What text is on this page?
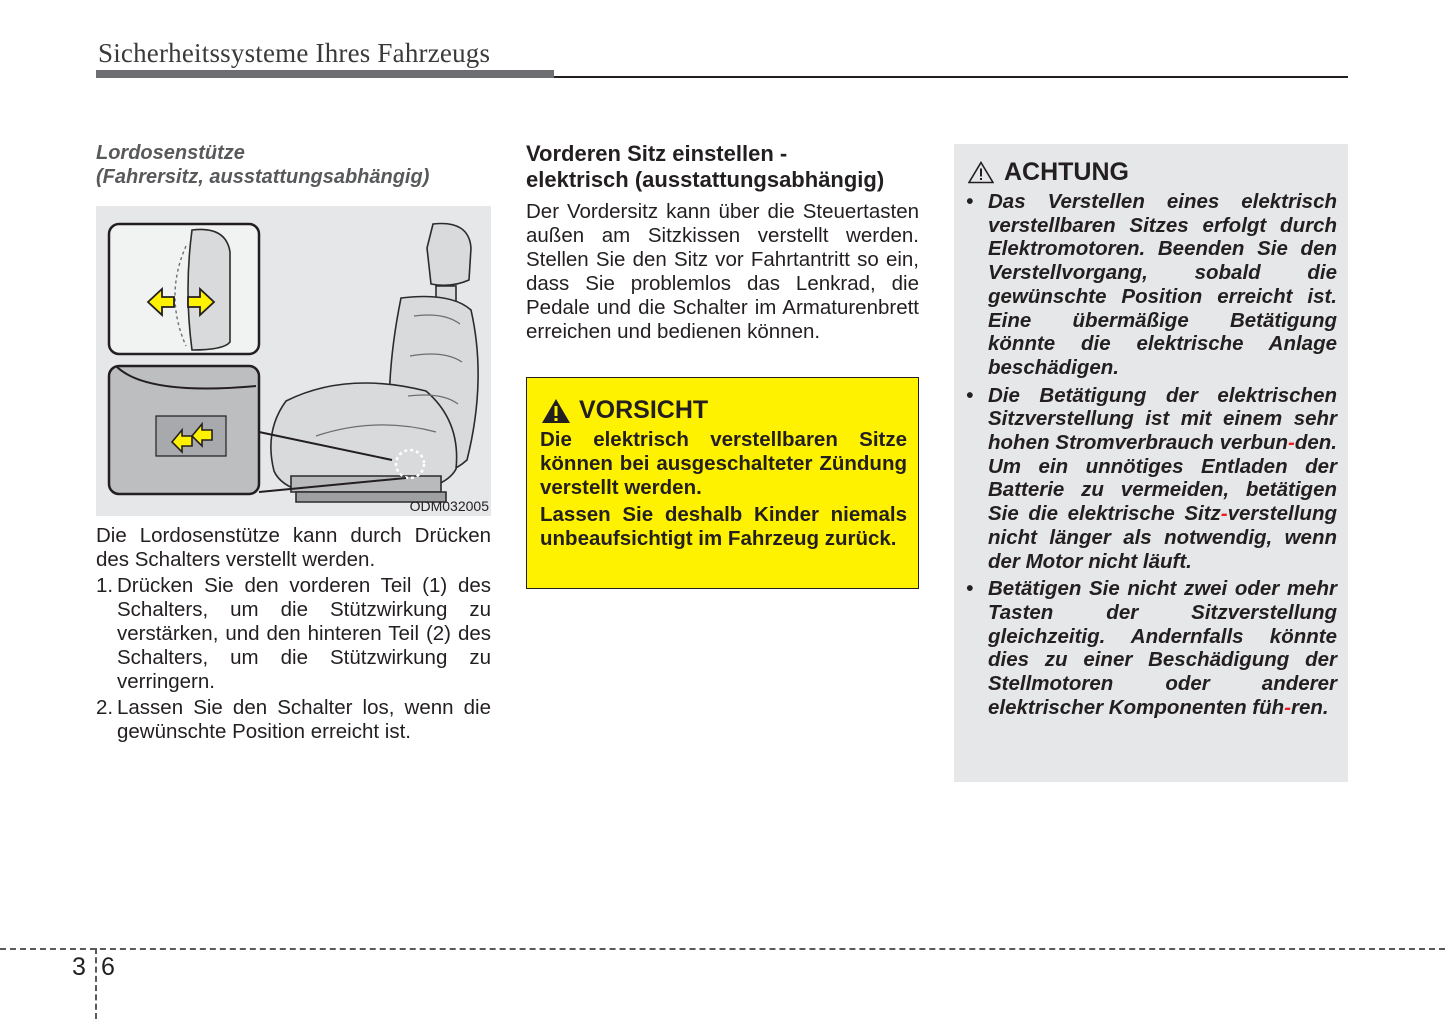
Sicherheitssysteme Ihres Fahrzeugs
Lordosenstütze
(Fahrersitz, ausstattungsabhängig)
ODM032005

Die Lordosenstütze kann durch Drücken des Schalters verstellt werden.

1. Drücken Sie den vorderen Teil (1) des Schalters, um die Stützwirkung zu verstärken, und den hinteren Teil (2) des Schalters, um die Stützwirkung zu verringern.
2. Lassen Sie den Schalter los, wenn die gewünschte Position erreicht ist.
Vorderen Sitz einstellen -
elektrisch (ausstattungsabhängig)
Der Vordersitz kann über die Steuertasten außen am Sitzkissen verstellt werden. Stellen Sie den Sitz vor Fahrtantritt so ein, dass Sie problemlos das Lenkrad, die Pedale und die Schalter im Armaturenbrett erreichen und bedienen können.
VORSICHT

Die elektrisch verstellbaren Sitze können bei ausgeschalteter Zündung verstellt werden.

Lassen Sie deshalb Kinder niemals unbeaufsichtigt im Fahrzeug zurück.

ACHTUNG
• Das Verstellen eines elektrisch verstellbaren Sitzes erfolgt durch Elektromotoren. Beenden Sie den Verstellvorgang, sobald die gewünschte Position erreicht ist. Eine übermäßige Betätigung könnte die elektrische Anlage beschädigen.
• Die Betätigung der elektrischen Sitzverstellung ist mit einem sehr hohen Stromverbrauch verbun-den. Um ein unnötiges Entladen der Batterie zu vermeiden, betätigen Sie die elektrische Sitz-verstellung nicht länger als notwendig, wenn der Motor nicht läuft.
• Betätigen Sie nicht zwei oder mehr Tasten der Sitzverstellung gleichzeitig. Andernfalls könnte dies zu einer Beschädigung der Stellmotoren oder anderer elektrischer Komponenten füh-ren.
3 6
